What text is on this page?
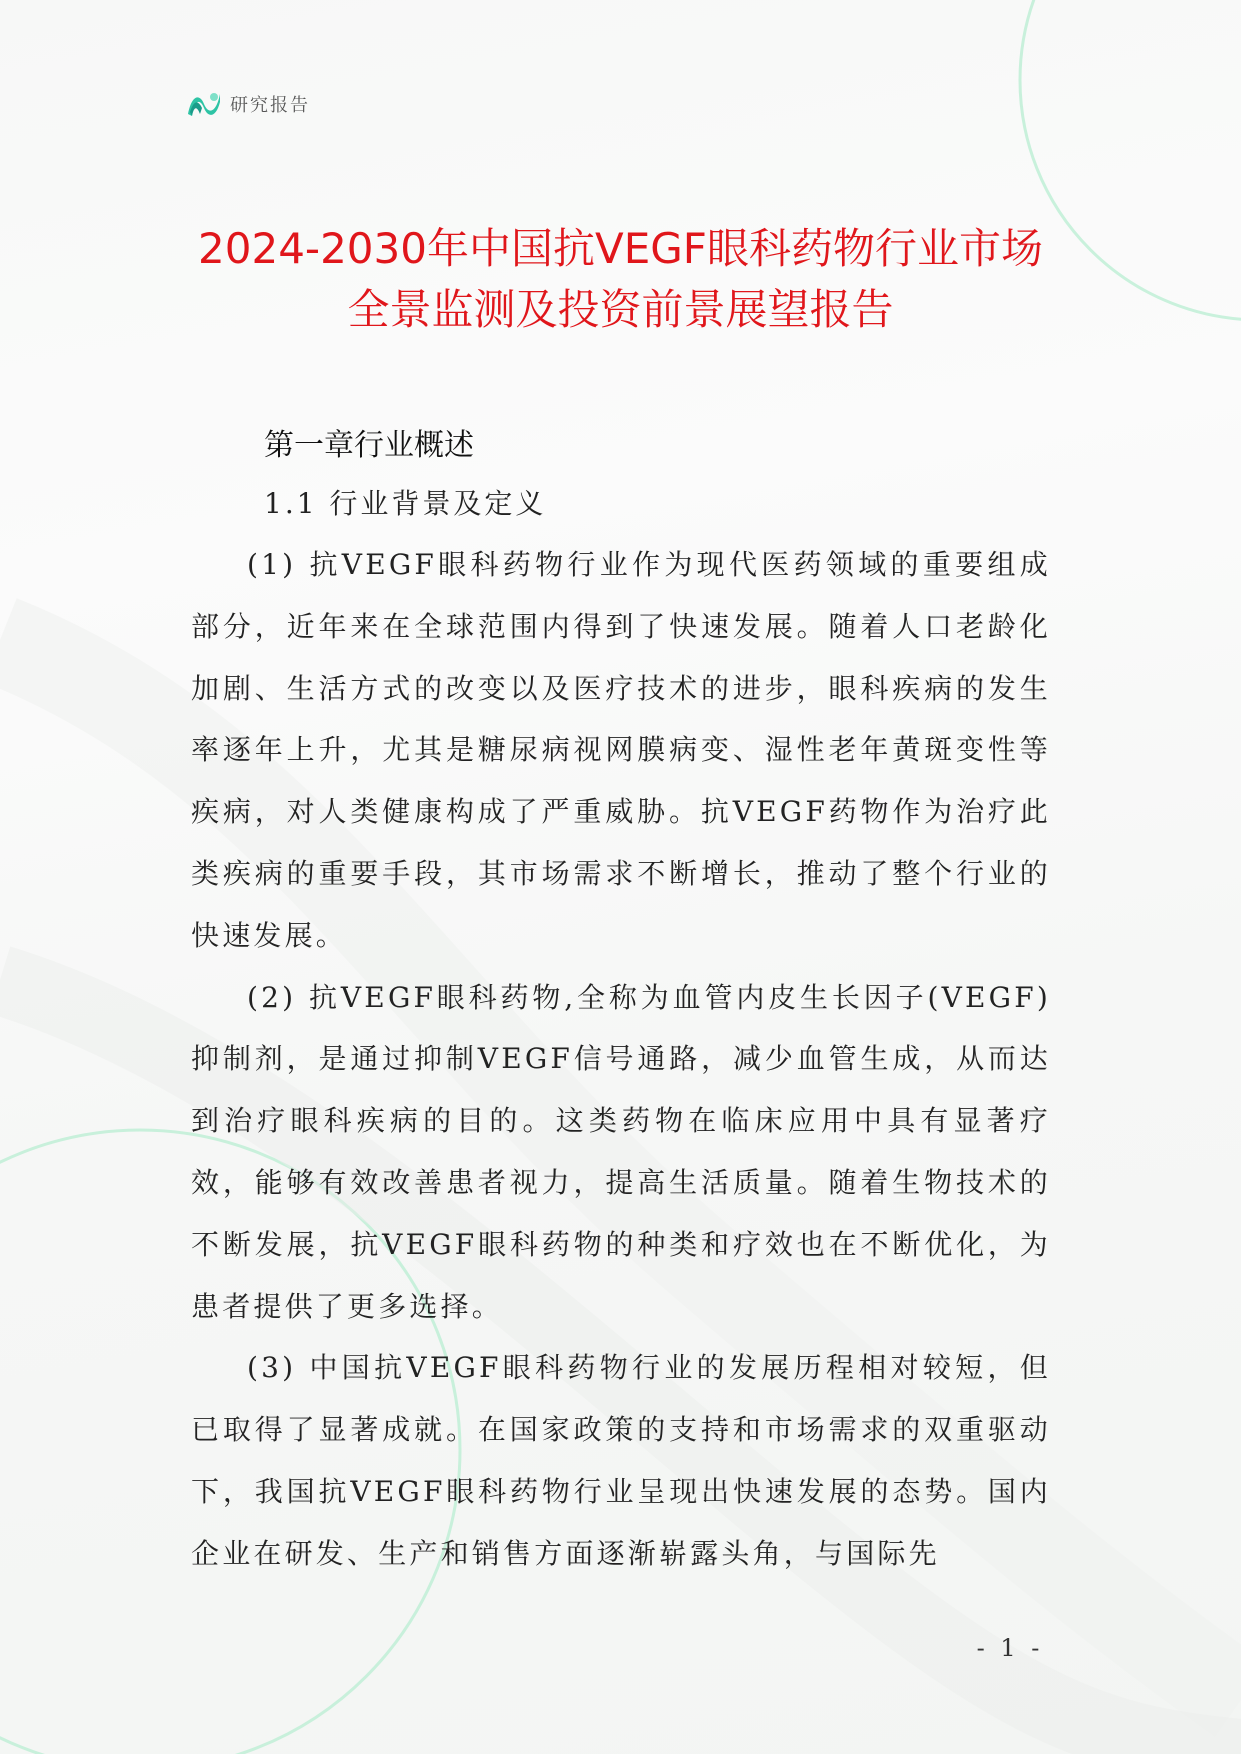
研究报告
2024-2030年中国抗VEGF眼科药物行业市场
全景监测及投资前景展望报告
第一章行业概述
1.1 行业背景及定义

(1) 抗VEGF眼科药物行业作为现代医药领域的重要组成部分，近年来在全球范围内得到了快速发展。随着人口老龄化加剧、生活方式的改变以及医疗技术的进步，眼科疾病的发生率逐年上升，尤其是糖尿病视网膜病变、湿性老年黄斑变性等疾病，对人类健康构成了严重威胁。抗VEGF药物作为治疗此类疾病的重要手段，其市场需求不断增长，推动了整个行业的快速发展。

(2) 抗VEGF眼科药物,全称为血管内皮生长因子(VEGF)抑制剂，是通过抑制VEGF信号通路，减少血管生成，从而达到治疗眼科疾病的目的。这类药物在临床应用中具有显著疗效，能够有效改善患者视力，提高生活质量。随着生物技术的不断发展，抗VEGF眼科药物的种类和疗效也在不断优化，为患者提供了更多选择。

(3) 中国抗VEGF眼科药物行业的发展历程相对较短，但已取得了显著成就。在国家政策的支持和市场需求的双重驱动下，我国抗VEGF眼科药物行业呈现出快速发展的态势。国内企业在研发、生产和销售方面逐渐崭露头角，与国际先

- 1 -
